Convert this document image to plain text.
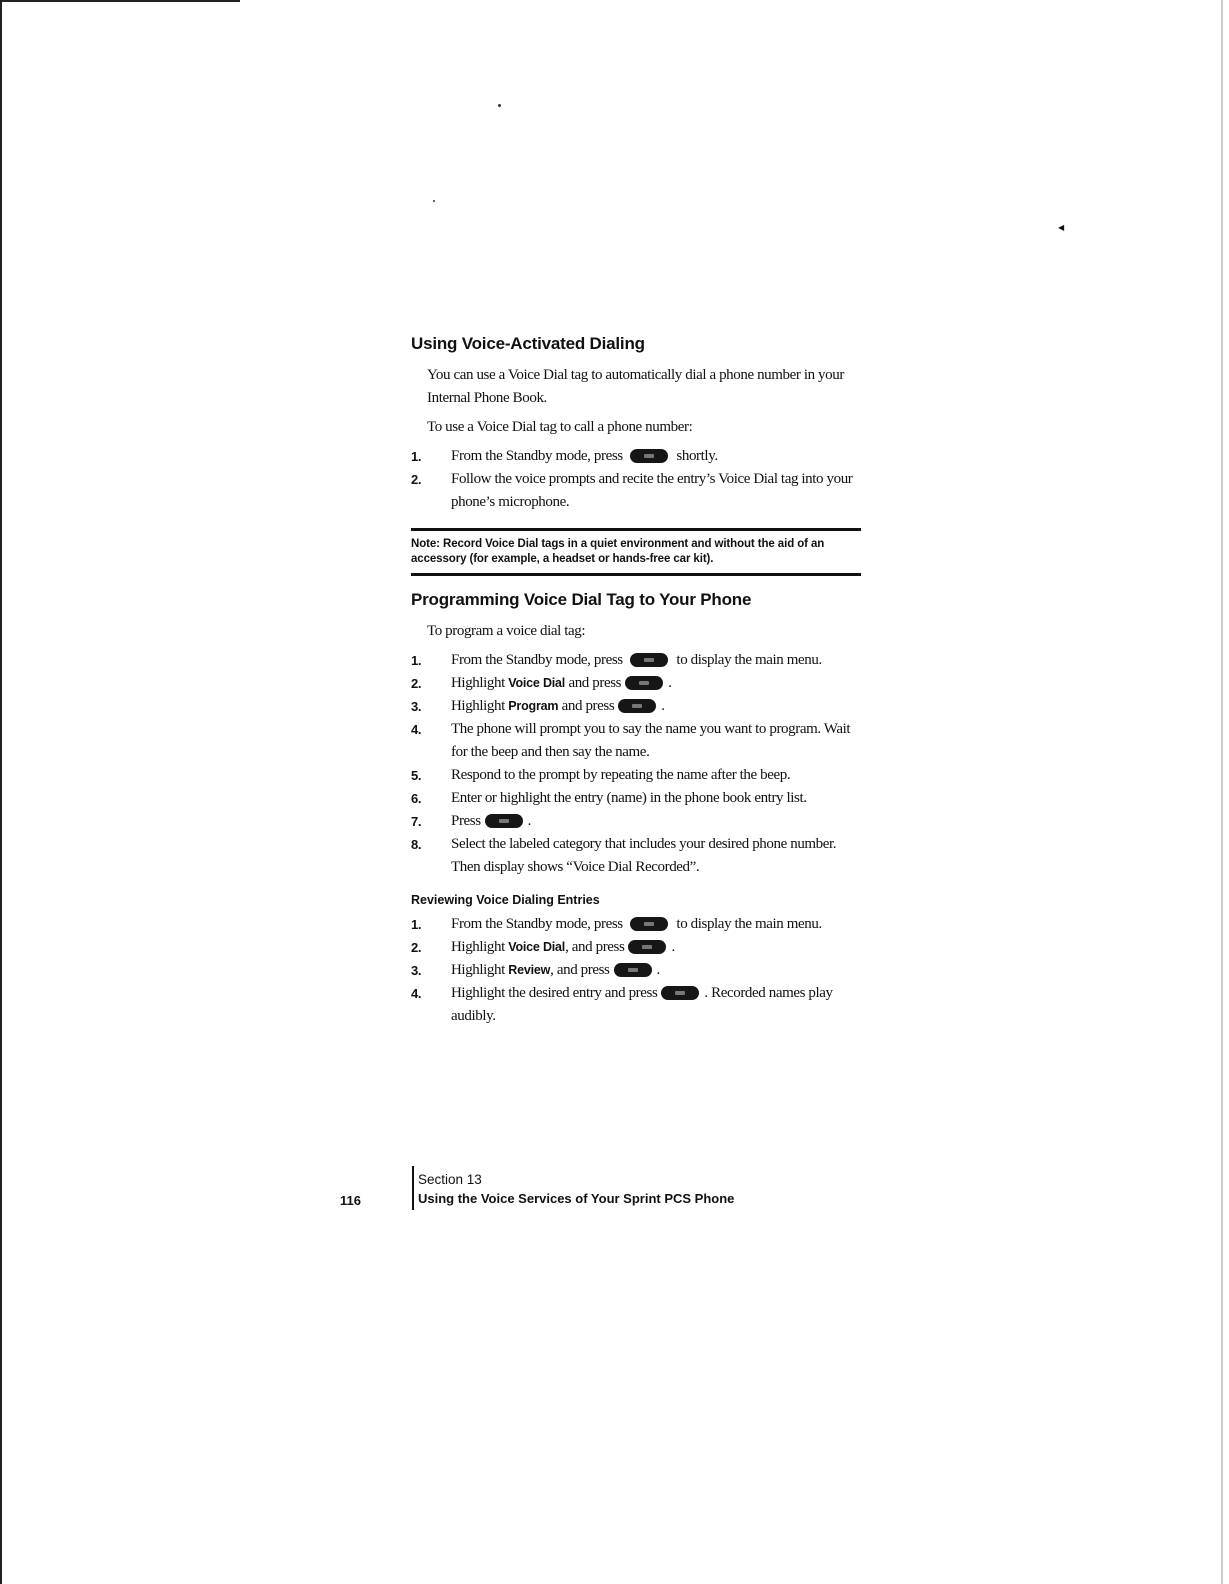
◀
Using Voice-Activated Dialing

You can use a Voice Dial tag to automatically dial a phone number in your Internal Phone Book.

To use a Voice Dial tag to call a phone number:

1.	From the Standby mode, press	shortly.
2.	Follow the voice prompts and recite the entry’s Voice Dial tag into your phone’s microphone.
Note: Record Voice Dial tags in a quiet environment and without the aid of an accessory (for example, a headset or hands-free car kit).
Programming Voice Dial Tag to Your Phone

To program a voice dial tag:

1.	From the Standby mode, press	to display the main menu.
2.	Highlight Voice Dial and press	.
3.	Highlight Program and press	.
4.	The phone will prompt you to say the name you want to program. Wait for the beep and then say the name.
5.	Respond to the prompt by repeating the name after the beep.
6.	Enter or highlight the entry (name) in the phone book entry list.
7.	Press	.
8.	Select the labeled category that includes your desired phone number. Then display shows “Voice Dial Recorded”.
Reviewing Voice Dialing Entries
1.	From the Standby mode, press	to display the main menu.
2.	Highlight Voice Dial, and press	.
3.	Highlight Review, and press	.
4.	Highlight the desired entry and press	. Recorded names play audibly.
116
Section 13
Using the Voice Services of Your Sprint PCS Phone
